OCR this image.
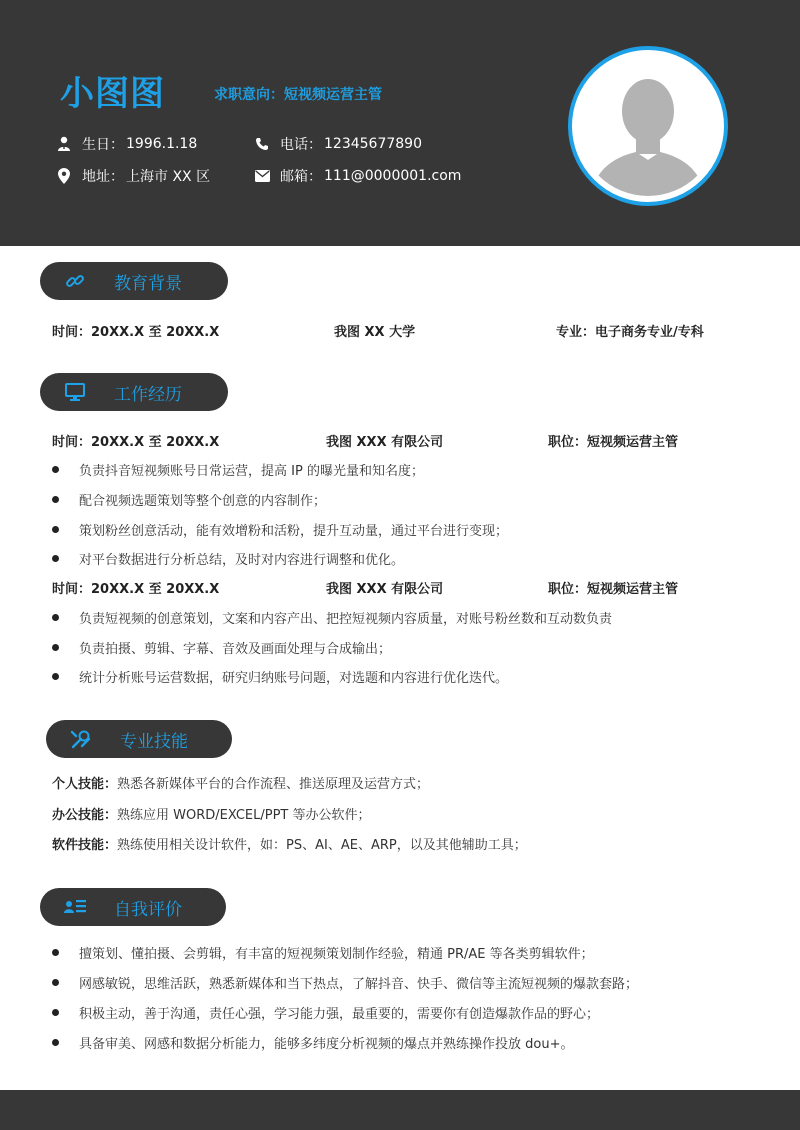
小图图	求职意向：短视频运营主管
生日： 1996.1.18	电话： 12345677890
地址： 上海市 XX 区	邮箱： 111@0000001.com
教育背景
时间：20XX.X 至 20XX.X	我图 XX 大学	专业：电子商务专业/专科
工作经历
时间：20XX.X 至 20XX.X	我图 XXX 有限公司	职位：短视频运营主管
负责抖音短视频账号日常运营，提高 IP 的曝光量和知名度；
配合视频选题策划等整个创意的内容制作；
策划粉丝创意活动，能有效增粉和活粉，提升互动量，通过平台进行变现；
对平台数据进行分析总结，及时对内容进行调整和优化。
时间：20XX.X 至 20XX.X	我图 XXX 有限公司	职位：短视频运营主管
负责短视频的创意策划，文案和内容产出、把控短视频内容质量，对账号粉丝数和互动数负责
负责拍摄、剪辑、字幕、音效及画面处理与合成输出；
统计分析账号运营数据，研究归纳账号问题，对选题和内容进行优化迭代。
专业技能
个人技能：熟悉各新媒体平台的合作流程、推送原理及运营方式；
办公技能：熟练应用 WORD/EXCEL/PPT 等办公软件；
软件技能：熟练使用相关设计软件，如：PS、AI、AE、ARP，以及其他辅助工具；
自我评价
擅策划、懂拍摄、会剪辑，有丰富的短视频策划制作经验，精通 PR/AE 等各类剪辑软件；
网感敏锐，思维活跃，熟悉新媒体和当下热点，了解抖音、快手、微信等主流短视频的爆款套路；
积极主动，善于沟通，责任心强，学习能力强，最重要的，需要你有创造爆款作品的野心；
具备审美、网感和数据分析能力，能够多纬度分析视频的爆点并熟练操作投放 dou+。
